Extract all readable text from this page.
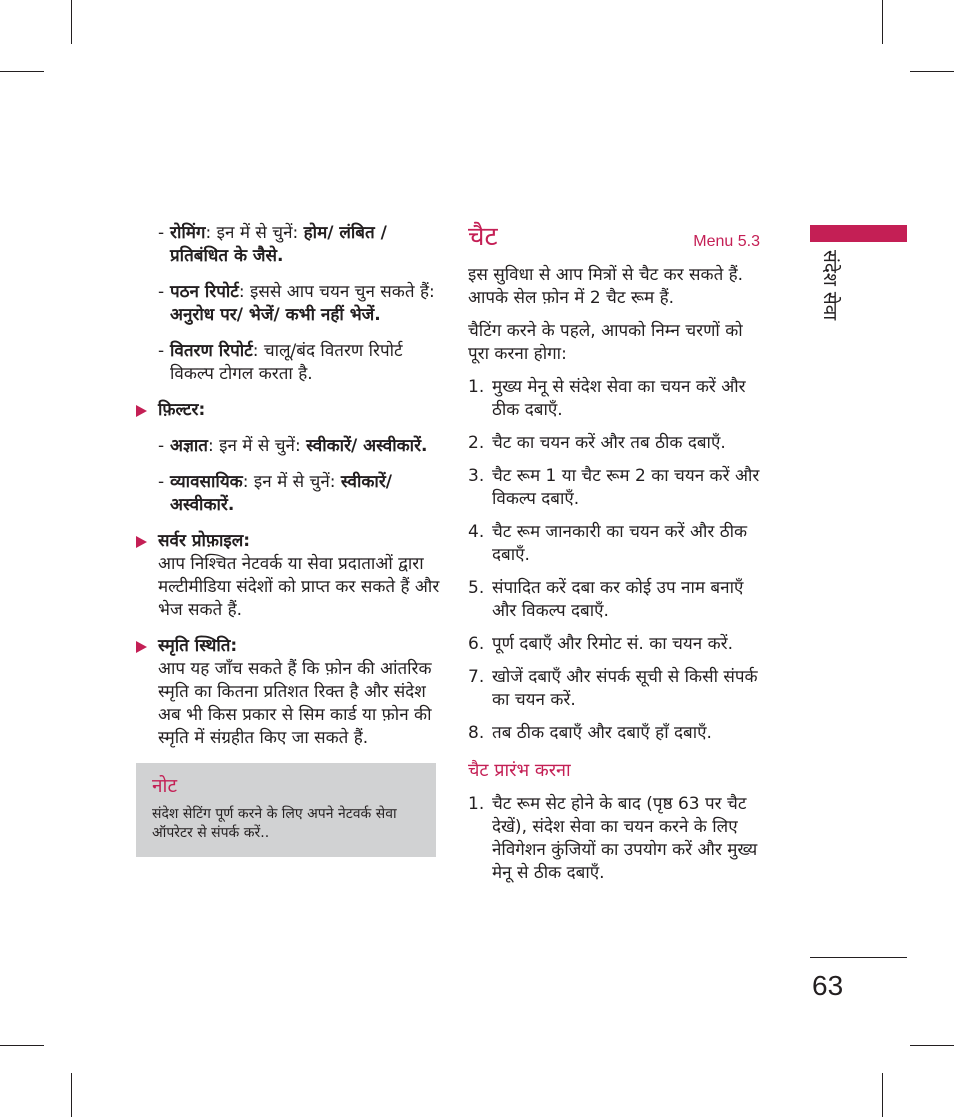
- रोमिंग: इन में से चुनें: होम/ लंबित /प्रतिबंधित के जैसे.
- पठन रिपोर्ट: इससे आप चयन चुन सकते हैं: अनुरोध पर/ भेजें/ कभी नहीं भेजें.
- वितरण रिपोर्ट: चालू/बंद वितरण रिपोर्ट विकल्प टोगल करता है.
फ़िल्टर:
- अज्ञात: इन में से चुनें: स्वीकारें/ अस्वीकारें.
- व्यावसायिक: इन में से चुनें: स्वीकारें/ अस्वीकारें.
सर्वर प्रोफ़ाइल:
आप निश्चित नेटवर्क या सेवा प्रदाताओं द्वारा मल्टीमीडिया संदेशों को प्राप्त कर सकते हैं और भेज सकते हैं.
स्मृति स्थिति:
आप यह जाँच सकते हैं कि फ़ोन की आंतरिक स्मृति का कितना प्रतिशत रिक्त है और संदेश अब भी किस प्रकार से सिम कार्ड या फ़ोन की स्मृति में संग्रहीत किए जा सकते हैं.
नोट
संदेश सेटिंग पूर्ण करने के लिए अपने नेटवर्क सेवा ऑपरेटर से संपर्क करें..
चैट	Menu 5.3
इस सुविधा से आप मित्रों से चैट कर सकते हैं. आपके सेल फ़ोन में 2 चैट रूम हैं.
चैटिंग करने के पहले, आपको निम्न चरणों को पूरा करना होगा:
1. मुख्य मेनू से संदेश सेवा का चयन करें और ठीक दबाएँ.
2. चैट का चयन करें और तब ठीक दबाएँ.
3. चैट रूम 1 या चैट रूम 2 का चयन करें और विकल्प दबाएँ.
4. चैट रूम जानकारी का चयन करें और ठीक दबाएँ.
5. संपादित करें दबा कर कोई उप नाम बनाएँ और विकल्प दबाएँ.
6. पूर्ण दबाएँ और रिमोट सं. का चयन करें.
7. खोजें दबाएँ और संपर्क सूची से किसी संपर्क का चयन करें.
8. तब ठीक दबाएँ और दबाएँ हाँ दबाएँ.
चैट प्रारंभ करना
1. चैट रूम सेट होने के बाद (पृष्ठ 63 पर चैट देखें), संदेश सेवा का चयन करने के लिए नेविगेशन कुंजियों का उपयोग करें और मुख्य मेनू से ठीक दबाएँ.
संदेश सेवा
63
